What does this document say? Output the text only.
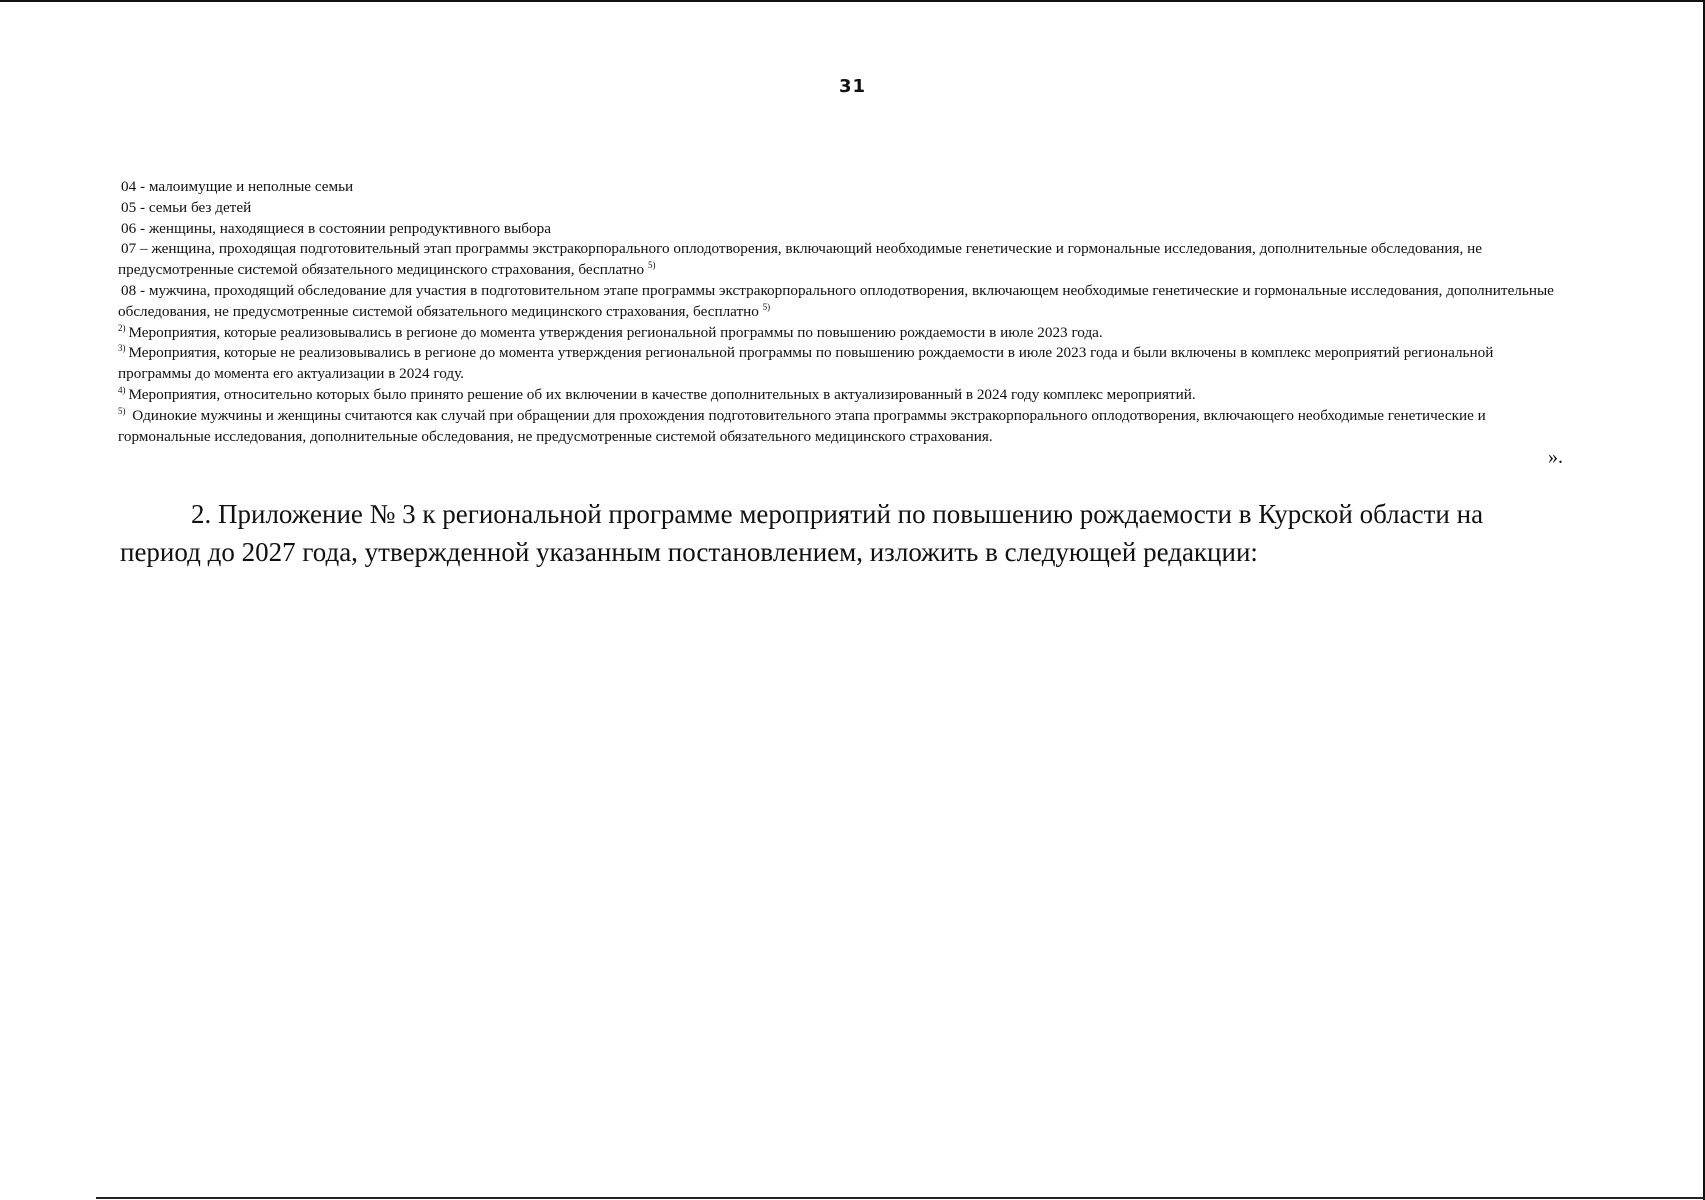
31
04 - малоимущие и неполные семьи
05 - семьи без детей
06 - женщины, находящиеся в состоянии репродуктивного выбора
07 – женщина, проходящая подготовительный этап программы экстракорпорального оплодотворения, включающий необходимые генетические и гормональные исследования, дополнительные обследования, не предусмотренные системой обязательного медицинского страхования, бесплатно $^{5)}$
08 - мужчина, проходящий обследование для участия в подготовительном этапе программы экстракорпорального оплодотворения, включающем необходимые генетические и гормональные исследования, дополнительные обследования, не предусмотренные системой обязательного медицинского страхования, бесплатно $^{5)}$
$^{2)}$ Мероприятия, которые реализовывались в регионе до момента утверждения региональной программы по повышению рождаемости в июле 2023 года.
$^{3)}$ Мероприятия, которые не реализовывались в регионе до момента утверждения региональной программы по повышению рождаемости в июле 2023 года и были включены в комплекс мероприятий региональной программы до момента его актуализации в 2024 году.
$^{4)}$ Мероприятия, относительно которых было принято решение об их включении в качестве дополнительных в актуализированный в 2024 году комплекс мероприятий.
$^{5)}$ Одинокие мужчины и женщины считаются как случай при обращении для прохождения подготовительного этапа программы экстракорпорального оплодотворения, включающего необходимые генетические и гормональные исследования, дополнительные обследования, не предусмотренные системой обязательного медицинского страхования.
».

2. Приложение № 3 к региональной программе мероприятий по повышению рождаемости в Курской области на период до 2027 года, утвержденной указанным постановлением, изложить в следующей редакции:
